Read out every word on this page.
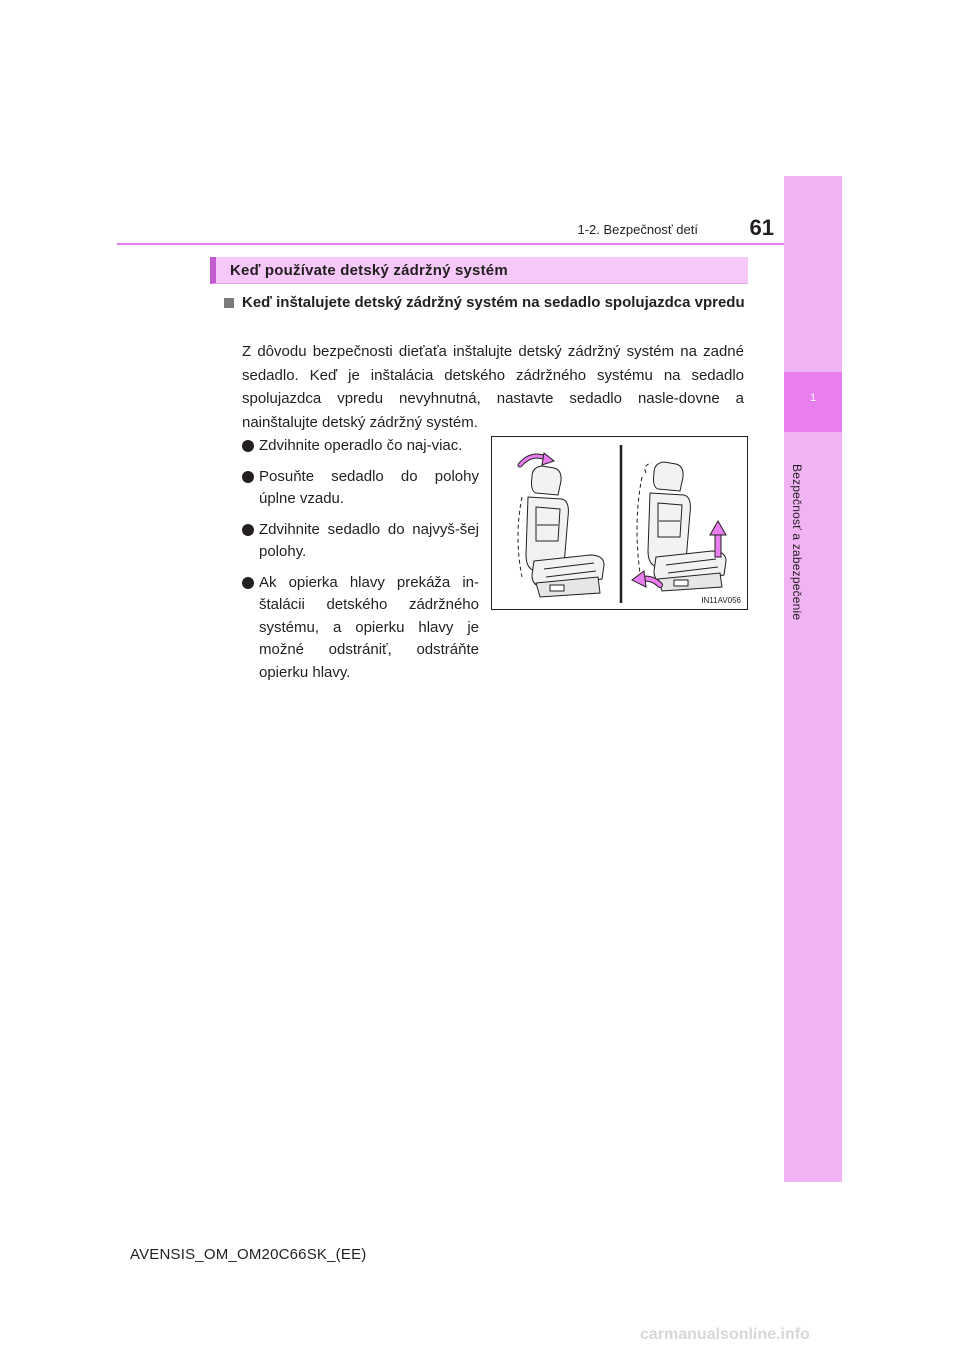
1
Bezpečnosť a zabezpečenie
1-2. Bezpečnosť detí	61
Keď používate detský zádržný systém
Keď inštalujete detský zádržný systém na sedadlo spolujazdca vpredu
Z dôvodu bezpečnosti dieťaťa inštalujte detský zádržný systém na zadné sedadlo. Keď je inštalácia detského zádržného systému na sedadlo spolujazdca vpredu nevyhnutná, nastavte sedadlo nasle-dovne a nainštalujte detský zádržný systém.
Zdvihnite operadlo čo naj-viac.
Posuňte sedadlo do polohy úplne vzadu.
Zdvihnite sedadlo do najvyš-šej polohy.
Ak opierka hlavy prekáža in-štalácii detského zádržného systému, a opierku hlavy je možné odstrániť, odstráňte opierku hlavy.
IN11AV056
AVENSIS_OM_OM20C66SK_(EE)
carmanualsonline.info
